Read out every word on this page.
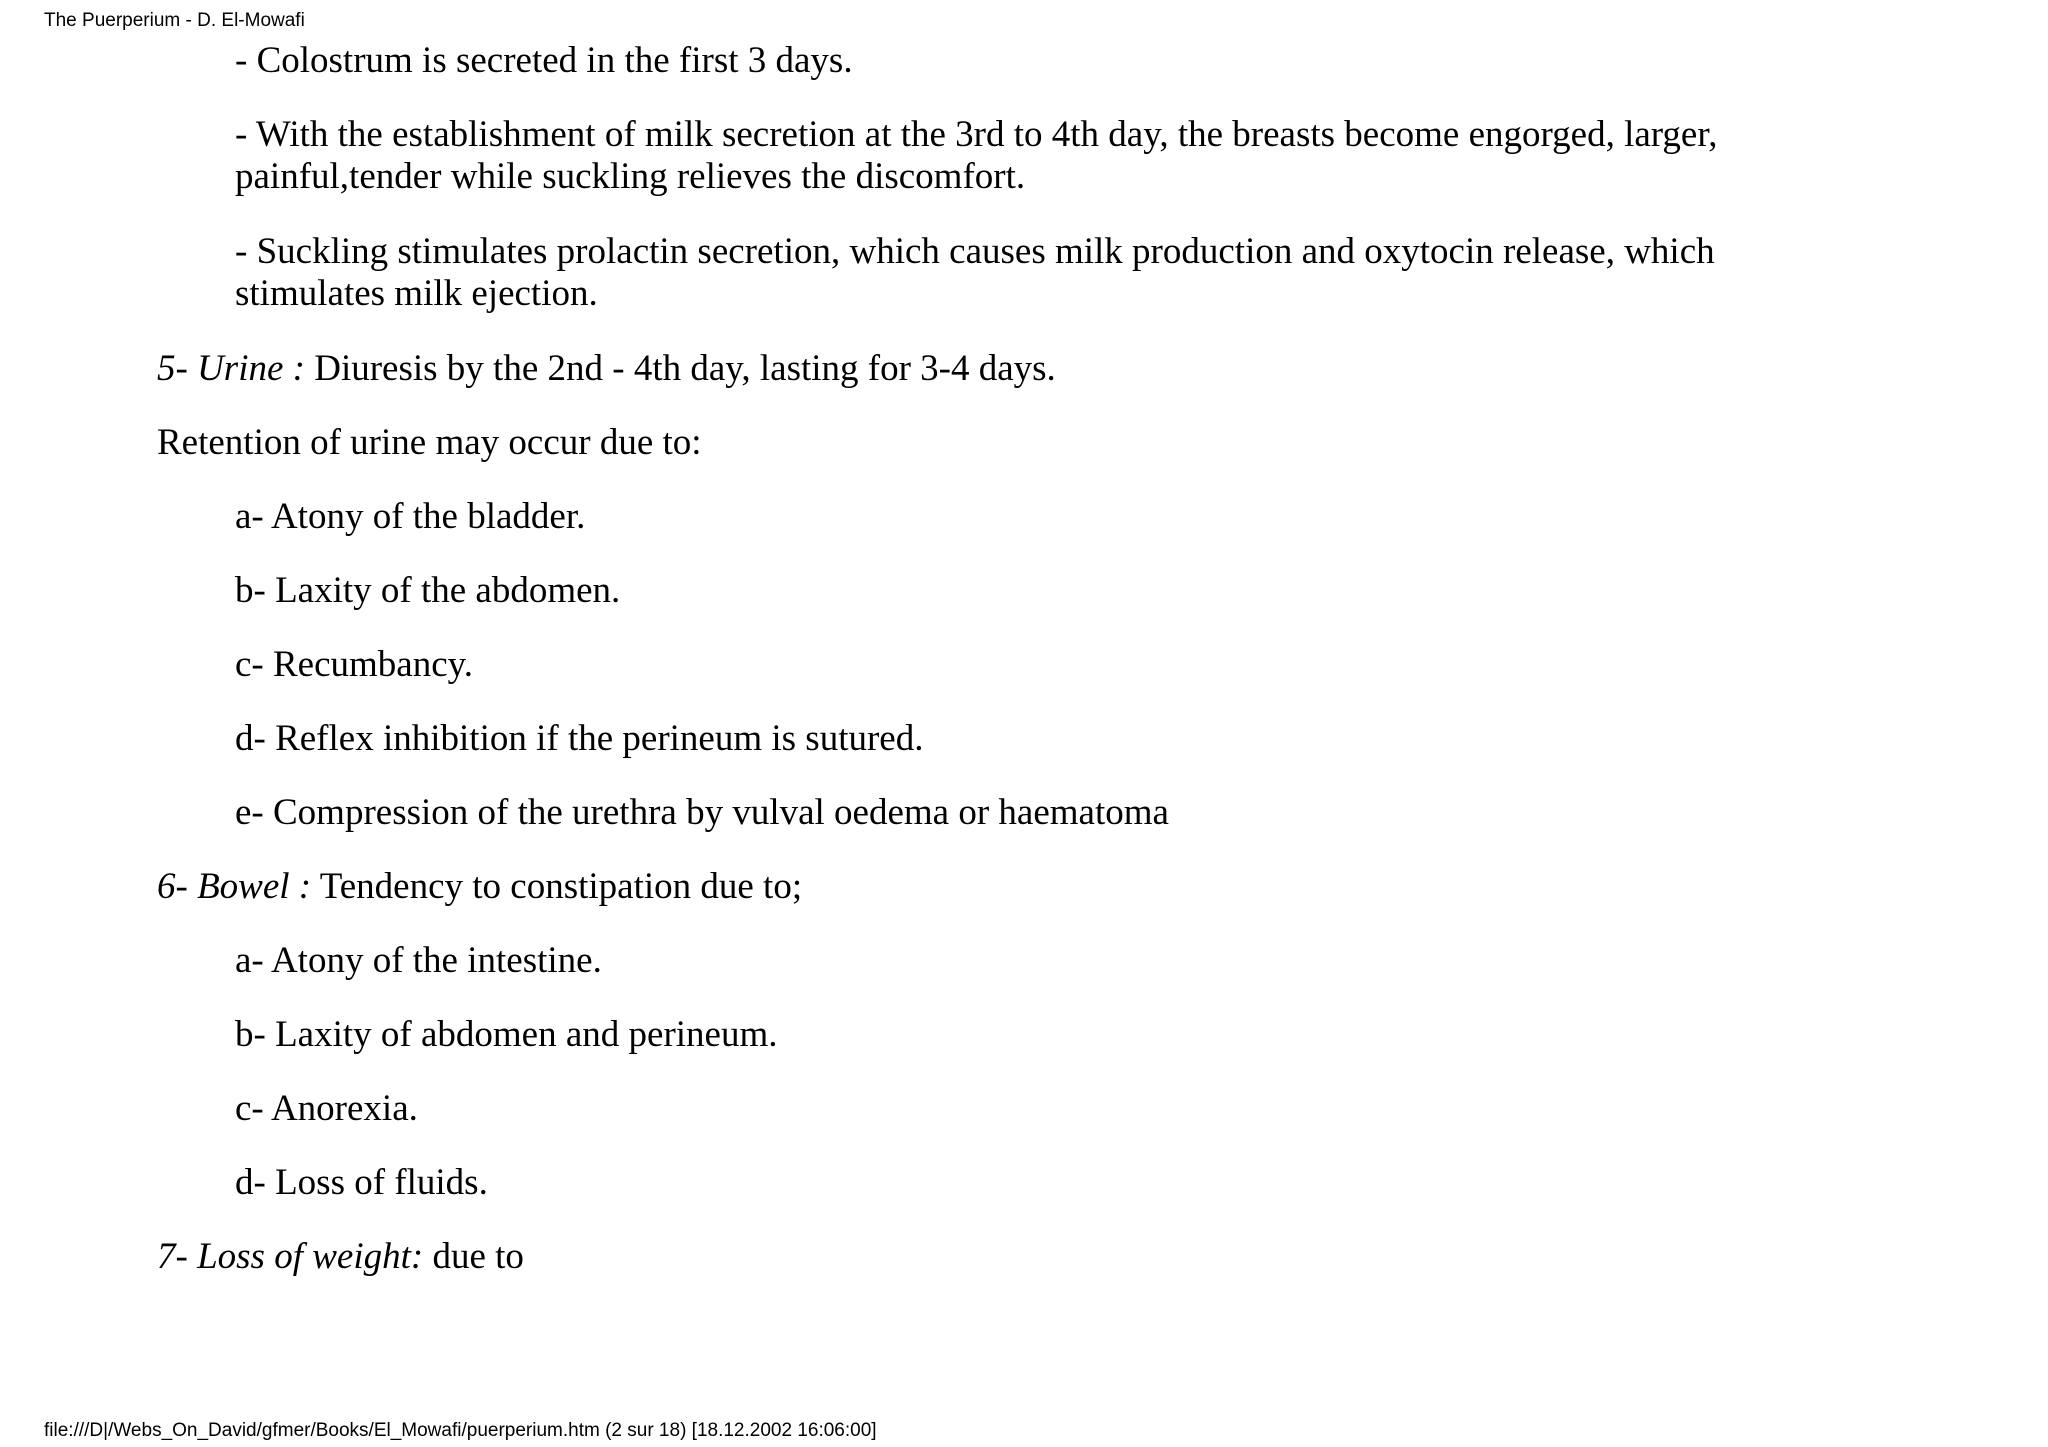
The Puerperium - D. El-Mowafi

- Colostrum is secreted in the first 3 days.

- With the establishment of milk secretion at the 3rd to 4th day, the breasts become engorged, larger, painful,tender while suckling relieves the discomfort.

- Suckling stimulates prolactin secretion, which causes milk production and oxytocin release, which stimulates milk ejection.

5- Urine : Diuresis by the 2nd - 4th day, lasting for 3-4 days.

Retention of urine may occur due to:

a- Atony of the bladder.

b- Laxity of the abdomen.

c- Recumbancy.

d- Reflex inhibition if the perineum is sutured.

e- Compression of the urethra by vulval oedema or haematoma

6- Bowel : Tendency to constipation due to;

a- Atony of the intestine.

b- Laxity of abdomen and perineum.

c- Anorexia.

d- Loss of fluids.

7- Loss of weight: due to

file:///D|/Webs_On_David/gfmer/Books/El_Mowafi/puerperium.htm (2 sur 18) [18.12.2002 16:06:00]
